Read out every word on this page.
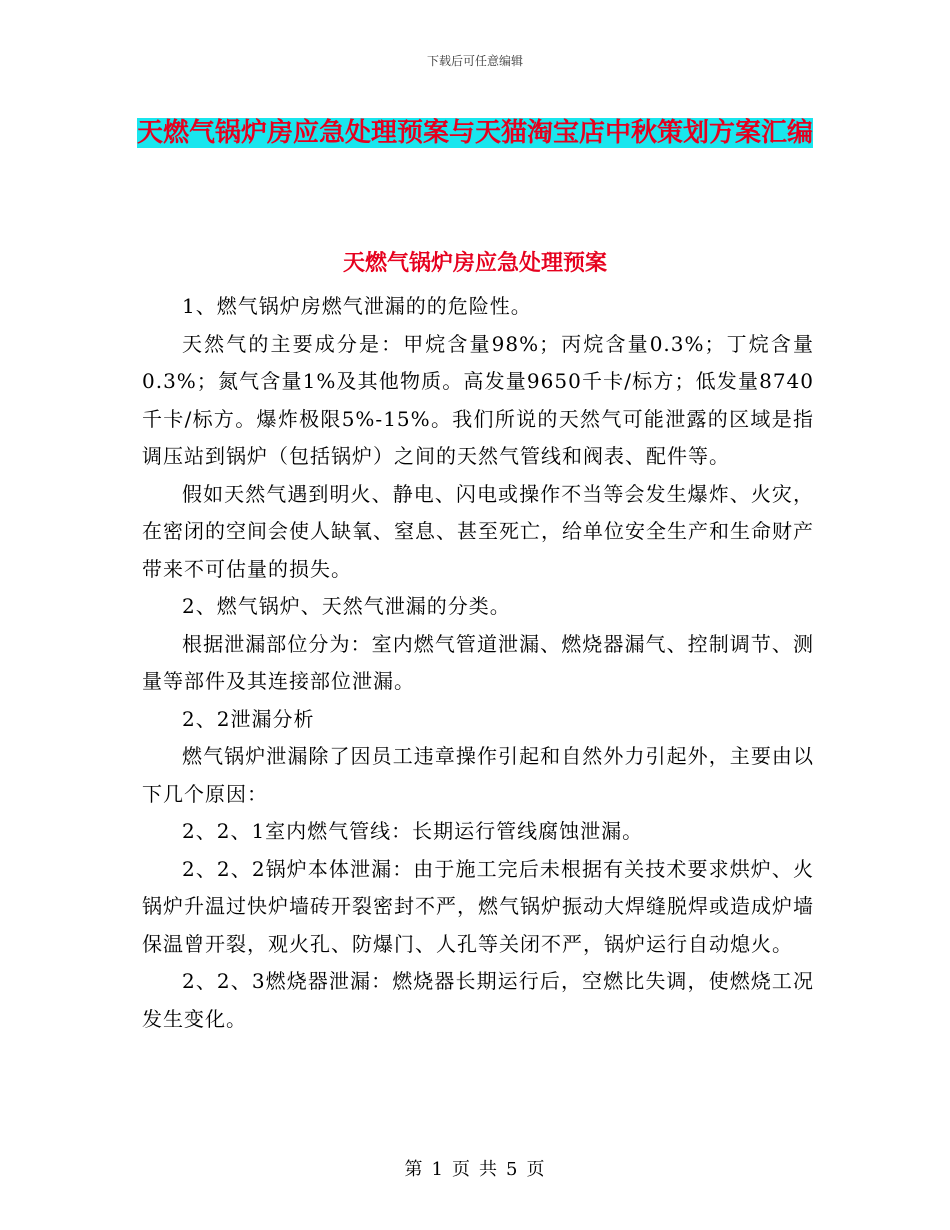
下载后可任意编辑
天燃气锅炉房应急处理预案与天猫淘宝店中秋策划方案汇编
天燃气锅炉房应急处理预案

1、燃气锅炉房燃气泄漏的的危险性。

天然气的主要成分是：甲烷含量98%；丙烷含量0.3%；丁烷含量0.3%；氮气含量1%及其他物质。高发量9650千卡/标方；低发量8740千卡/标方。爆炸极限5%-15%。我们所说的天然气可能泄露的区域是指调压站到锅炉（包括锅炉）之间的天然气管线和阀表、配件等。

假如天然气遇到明火、静电、闪电或操作不当等会发生爆炸、火灾，在密闭的空间会使人缺氧、窒息、甚至死亡，给单位安全生产和生命财产带来不可估量的损失。

2、燃气锅炉、天然气泄漏的分类。

根据泄漏部位分为：室内燃气管道泄漏、燃烧器漏气、控制调节、测量等部件及其连接部位泄漏。

2、2泄漏分析

燃气锅炉泄漏除了因员工违章操作引起和自然外力引起外，主要由以下几个原因：

2、2、1室内燃气管线：长期运行管线腐蚀泄漏。

2、2、2锅炉本体泄漏：由于施工完后未根据有关技术要求烘炉、火锅炉升温过快炉墙砖开裂密封不严，燃气锅炉振动大焊缝脱焊或造成炉墙保温曾开裂，观火孔、防爆门、人孔等关闭不严，锅炉运行自动熄火。

2、2、3燃烧器泄漏：燃烧器长期运行后，空燃比失调，使燃烧工况发生变化。

第 1 页 共 5 页
